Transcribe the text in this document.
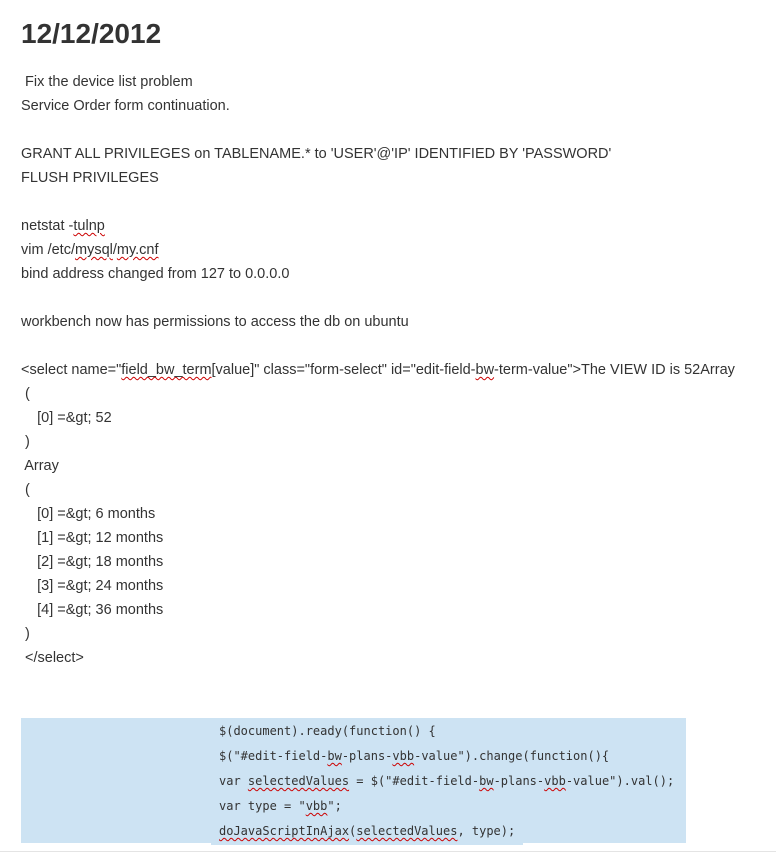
12/12/2012
Fix the device list problem
Service Order form continuation.
GRANT ALL PRIVILEGES on TABLENAME.* to 'USER'@'IP' IDENTIFIED BY 'PASSWORD'
FLUSH PRIVILEGES
netstat -tulnp
vim /etc/mysql/my.cnf
bind address changed from 127 to 0.0.0.0
workbench now has permissions to access the db on ubuntu
<select name="field_bw_term[value]" class="form-select" id="edit-field-bw-term-value">The VIEW ID is 52Array
(
[0] =&gt; 52
)
Array
(
[0] =&gt; 6 months
[1] =&gt; 12 months
[2] =&gt; 18 months
[3] =&gt; 24 months
[4] =&gt; 36 months
)
</select>
$(document).ready(function() {
$("#edit-field-bw-plans-vbb-value").change(function(){
var selectedValues = $("#edit-field-bw-plans-vbb-value").val();
var type = "vbb";
doJavaScriptInAjax(selectedValues, type);
